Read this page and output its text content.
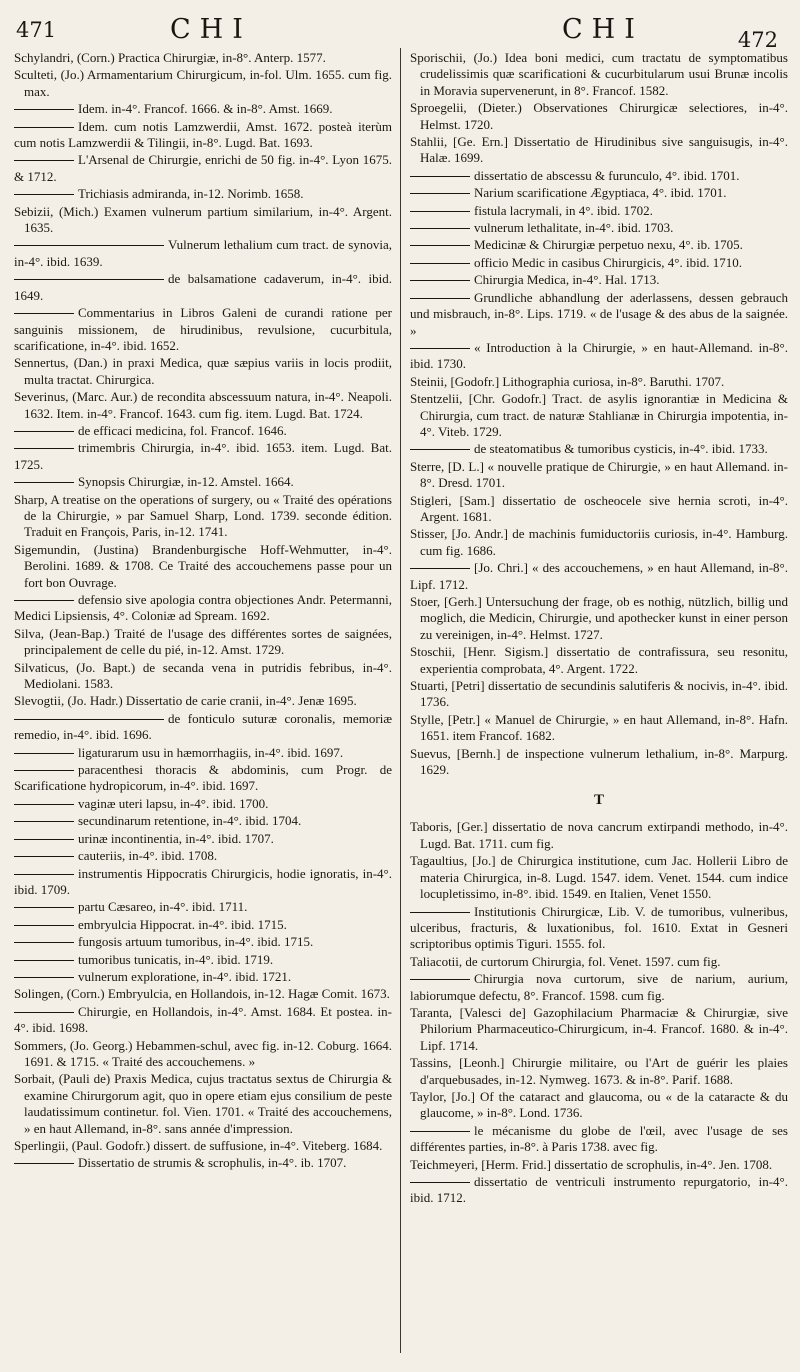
471	CHI	CHI	472

Schylandri, (Corn.) Practica Chirurgiæ, in-8°. Anterp. 1577.

Sculteti, (Jo.) Armamentarium Chirurgicum, in-fol. Ulm. 1655. cum fig. max.

Idem. in-4°. Francof. 1666. & in-8°. Amst. 1669.

Idem. cum notis Lamzwerdii, Amst. 1672. posteà iterùm cum notis Lamzwerdii & Tilingii, in-8°. Lugd. Bat. 1693.

L'Arsenal de Chirurgie, enrichi de 50 fig. in-4°. Lyon 1675. & 1712.

Trichiasis admiranda, in-12. Norimb. 1658.

Sebizii, (Mich.) Examen vulnerum partium similarium, in-4°. Argent. 1635.

Vulnerum lethalium cum tract. de synovia, in-4°. ibid. 1639.

de balsamatione cadaverum, in-4°. ibid. 1649.

Commentarius in Libros Galeni de curandi ratione per sanguinis missionem, de hirudinibus, revulsione, cucurbitula, scarificatione, in-4°. ibid. 1652.

Sennertus, (Dan.) in praxi Medica, quæ sæpius variis in locis prodiit, multa tractat. Chirurgica.

Severinus, (Marc. Aur.) de recondita abscessuum natura, in-4°. Neapoli. 1632. Item. in-4°. Francof. 1643. cum fig. item. Lugd. Bat. 1724.

de efficaci medicina, fol. Francof. 1646.

trimembris Chirurgia, in-4°. ibid. 1653. item. Lugd. Bat. 1725.

Synopsis Chirurgiæ, in-12. Amstel. 1664.

Sharp, A treatise on the operations of surgery, ou « Traité des opérations de la Chirurgie, » par Samuel Sharp, Lond. 1739. seconde édition. Traduit en François, Paris, in-12. 1741.

Sigemundin, (Justina) Brandenburgische Hoff-Wehmutter, in-4°. Berolini. 1689. & 1708. Ce Traité des accouchemens passe pour un fort bon Ouvrage.

defensio sive apologia contra objectiones Andr. Petermanni, Medici Lipsiensis, 4°. Coloniæ ad Spream. 1692.

Silva, (Jean-Bap.) Traité de l'usage des différentes sortes de saignées, principalement de celle du pié, in-12. Amst. 1729.

Silvaticus, (Jo. Bapt.) de secanda vena in putridis febribus, in-4°. Mediolani. 1583.

Slevogtii, (Jo. Hadr.) Dissertatio de carie cranii, in-4°. Jenæ 1695.

de fonticulo suturæ coronalis, memoriæ remedio, in-4°. ibid. 1696.

ligaturarum usu in hæmorrhagiis, in-4°. ibid. 1697.

paracenthesi thoracis & abdominis, cum Progr. de Scarificatione hydropicorum, in-4°. ibid. 1697.

vaginæ uteri lapsu, in-4°. ibid. 1700.

secundinarum retentione, in-4°. ibid. 1704.

urinæ incontinentia, in-4°. ibid. 1707.

cauteriis, in-4°. ibid. 1708.

instrumentis Hippocratis Chirurgicis, hodie ignoratis, in-4°. ibid. 1709.

partu Cæsareo, in-4°. ibid. 1711.

embryulcia Hippocrat. in-4°. ibid. 1715.

fungosis artuum tumoribus, in-4°. ibid. 1715.

tumoribus tunicatis, in-4°. ibid. 1719.

vulnerum exploratione, in-4°. ibid. 1721.

Solingen, (Corn.) Embryulcia, en Hollandois, in-12. Hagæ Comit. 1673.

Chirurgie, en Hollandois, in-4°. Amst. 1684. Et postea. in-4°. ibid. 1698.

Sommers, (Jo. Georg.) Hebammen-schul, avec fig. in-12. Coburg. 1664. 1691. & 1715. « Traité des accouchemens. »

Sorbait, (Pauli de) Praxis Medica, cujus tractatus sextus de Chirurgia & examine Chirurgorum agit, quo in opere etiam ejus consilium de peste laudatissimum continetur. fol. Vien. 1701. « Traité des accouchemens, » en haut Allemand, in-8°. sans année d'impression.

Sperlingii, (Paul. Godofr.) dissert. de suffusione, in-4°. Viteberg. 1684.

Dissertatio de strumis & scrophulis, in-4°. ib. 1707.

Sporischii, (Jo.) Idea boni medici, cum tractatu de symptomatibus crudelissimis quæ scarificationi & cucurbitularum usui Brunæ incolis in Moravia supervenerunt, in 8°. Francof. 1582.

Sproegelii, (Dieter.) Observationes Chirurgicæ selectiores, in-4°. Helmst. 1720.

Stahlii, [Ge. Ern.] Dissertatio de Hirudinibus sive sanguisugis, in-4°. Halæ. 1699.

dissertatio de abscessu & furunculo, 4°. ibid. 1701.

Narium scarificatione Ægyptiaca, 4°. ibid. 1701.

fistula lacrymali, in 4°. ibid. 1702.

vulnerum lethalitate, in-4°. ibid. 1703.

Medicinæ & Chirurgiæ perpetuo nexu, 4°. ib. 1705.

officio Medic in casibus Chirurgicis, 4°. ibid. 1710.

Chirurgia Medica, in-4°. Hal. 1713.

Grundliche abhandlung der aderlassens, dessen gebrauch und misbrauch, in-8°. Lips. 1719. « de l'usage & des abus de la saignée. »

« Introduction à la Chirurgie, » en haut-Allemand. in-8°. ibid. 1730.

Steinii, [Godofr.] Lithographia curiosa, in-8°. Baruthi. 1707.

Stentzelii, [Chr. Godofr.] Tract. de asylis ignorantiæ in Medicina & Chirurgia, cum tract. de naturæ Stahlianæ in Chirurgia impotentia, in-4°. Viteb. 1729.

de steatomatibus & tumoribus cysticis, in-4°. ibid. 1733.

Sterre, [D. L.] « nouvelle pratique de Chirurgie, » en haut Allemand. in-8°. Dresd. 1701.

Stigleri, [Sam.] dissertatio de oscheocele sive hernia scroti, in-4°. Argent. 1681.

Stisser, [Jo. Andr.] de machinis fumiductoriis curiosis, in-4°. Hamburg. cum fig. 1686.

[Jo. Chri.] « des accouchemens, » en haut Allemand, in-8°. Lipf. 1712.

Stoer, [Gerh.] Untersuchung der frage, ob es nothig, nützlich, billig und moglich, die Medicin, Chirurgie, und apothecker kunst in einer person zu vereinigen, in-4°. Helmst. 1727.

Stoschii, [Henr. Sigism.] dissertatio de contrafissura, seu resonitu, experientia comprobata, 4°. Argent. 1722.

Stuarti, [Petri] dissertatio de secundinis salutiferis & nocivis, in-4°. ibid. 1736.

Stylle, [Petr.] « Manuel de Chirurgie, » en haut Allemand, in-8°. Hafn. 1651. item Francof. 1682.

Suevus, [Bernh.] de inspectione vulnerum lethalium, in-8°. Marpurg. 1629.

T

Taboris, [Ger.] dissertatio de nova cancrum extirpandi methodo, in-4°. Lugd. Bat. 1711. cum fig.

Tagaultius, [Jo.] de Chirurgica institutione, cum Jac. Hollerii Libro de materia Chirurgica, in-8. Lugd. 1547. idem. Venet. 1544. cum indice locupletissimo, in-8°. ibid. 1549. en Italien, Venet 1550.

Institutionis Chirurgicæ, Lib. V. de tumoribus, vulneribus, ulceribus, fracturis, & luxationibus, fol. 1610. Extat in Gesneri scriptoribus optimis Tiguri. 1555. fol.

Taliacotii, de curtorum Chirurgia, fol. Venet. 1597. cum fig.

Chirurgia nova curtorum, sive de narium, aurium, labiorumque defectu, 8°. Francof. 1598. cum fig.

Taranta, [Valesci de] Gazophilacium Pharmaciæ & Chirurgiæ, sive Philorium Pharmaceutico-Chirurgicum, in-4. Francof. 1680. & in-4°. Lipf. 1714.

Tassins, [Leonh.] Chirurgie militaire, ou l'Art de guérir les plaies d'arquebusades, in-12. Nymweg. 1673. & in-8°. Parif. 1688.

Taylor, [Jo.] Of the cataract and glaucoma, ou « de la cataracte & du glaucome, » in-8°. Lond. 1736.

le mécanisme du globe de l'œil, avec l'usage de ses différentes parties, in-8°. à Paris 1738. avec fig.

Teichmeyeri, [Herm. Frid.] dissertatio de scrophulis, in-4°. Jen. 1708.

dissertatio de ventriculi instrumento repurgatorio, in-4°. ibid. 1712.
